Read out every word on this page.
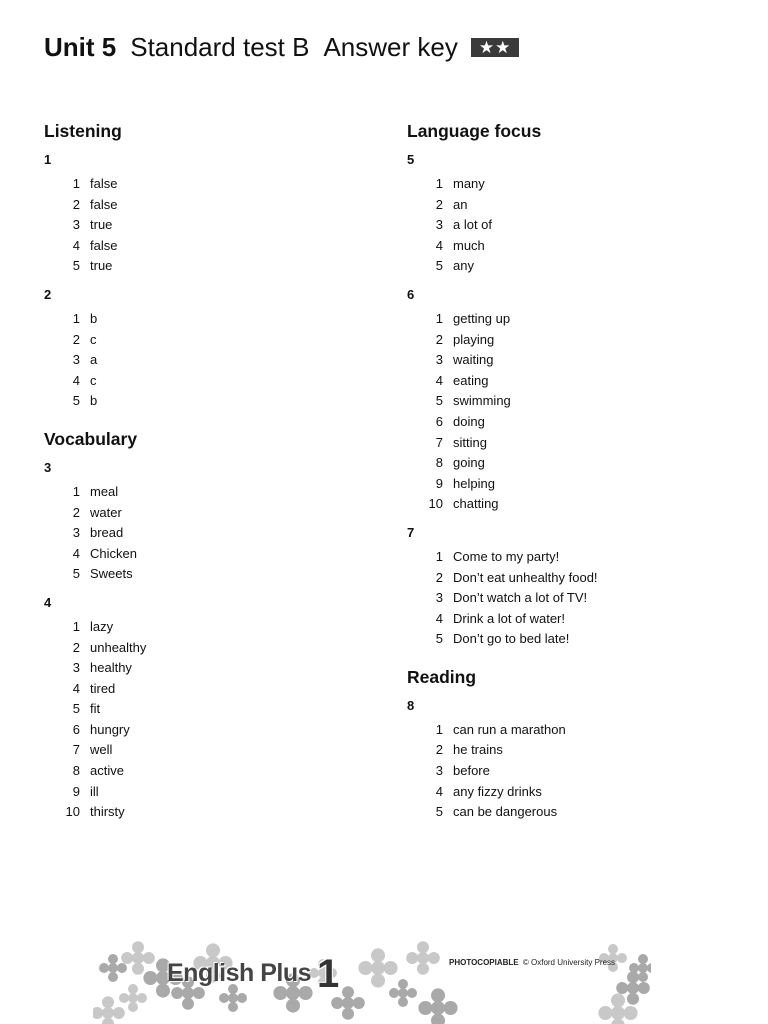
Unit 5 Standard test B Answer key	★★
Listening
1
1 false
2 false
3 true
4 false
5 true
2
1 b
2 c
3 a
4 c
5 b
Vocabulary
3
1 meal
2 water
3 bread
4 Chicken
5 Sweets
4
1 lazy
2 unhealthy
3 healthy
4 tired
5 fit
6 hungry
7 well
8 active
9 ill
10 thirsty
Language focus
5
1 many
2 an
3 a lot of
4 much
5 any
6
1 getting up
2 playing
3 waiting
4 eating
5 swimming
6 doing
7 sitting
8 going
9 helping
10 chatting
7
1 Come to my party!
2 Don’t eat unhealthy food!
3 Don’t watch a lot of TV!
4 Drink a lot of water!
5 Don’t go to bed late!
Reading
8
1 can run a marathon
2 he trains
3 before
4 any fizzy drinks
5 can be dangerous
English Plus 1	PHOTOCOPIABLE © Oxford University Press
